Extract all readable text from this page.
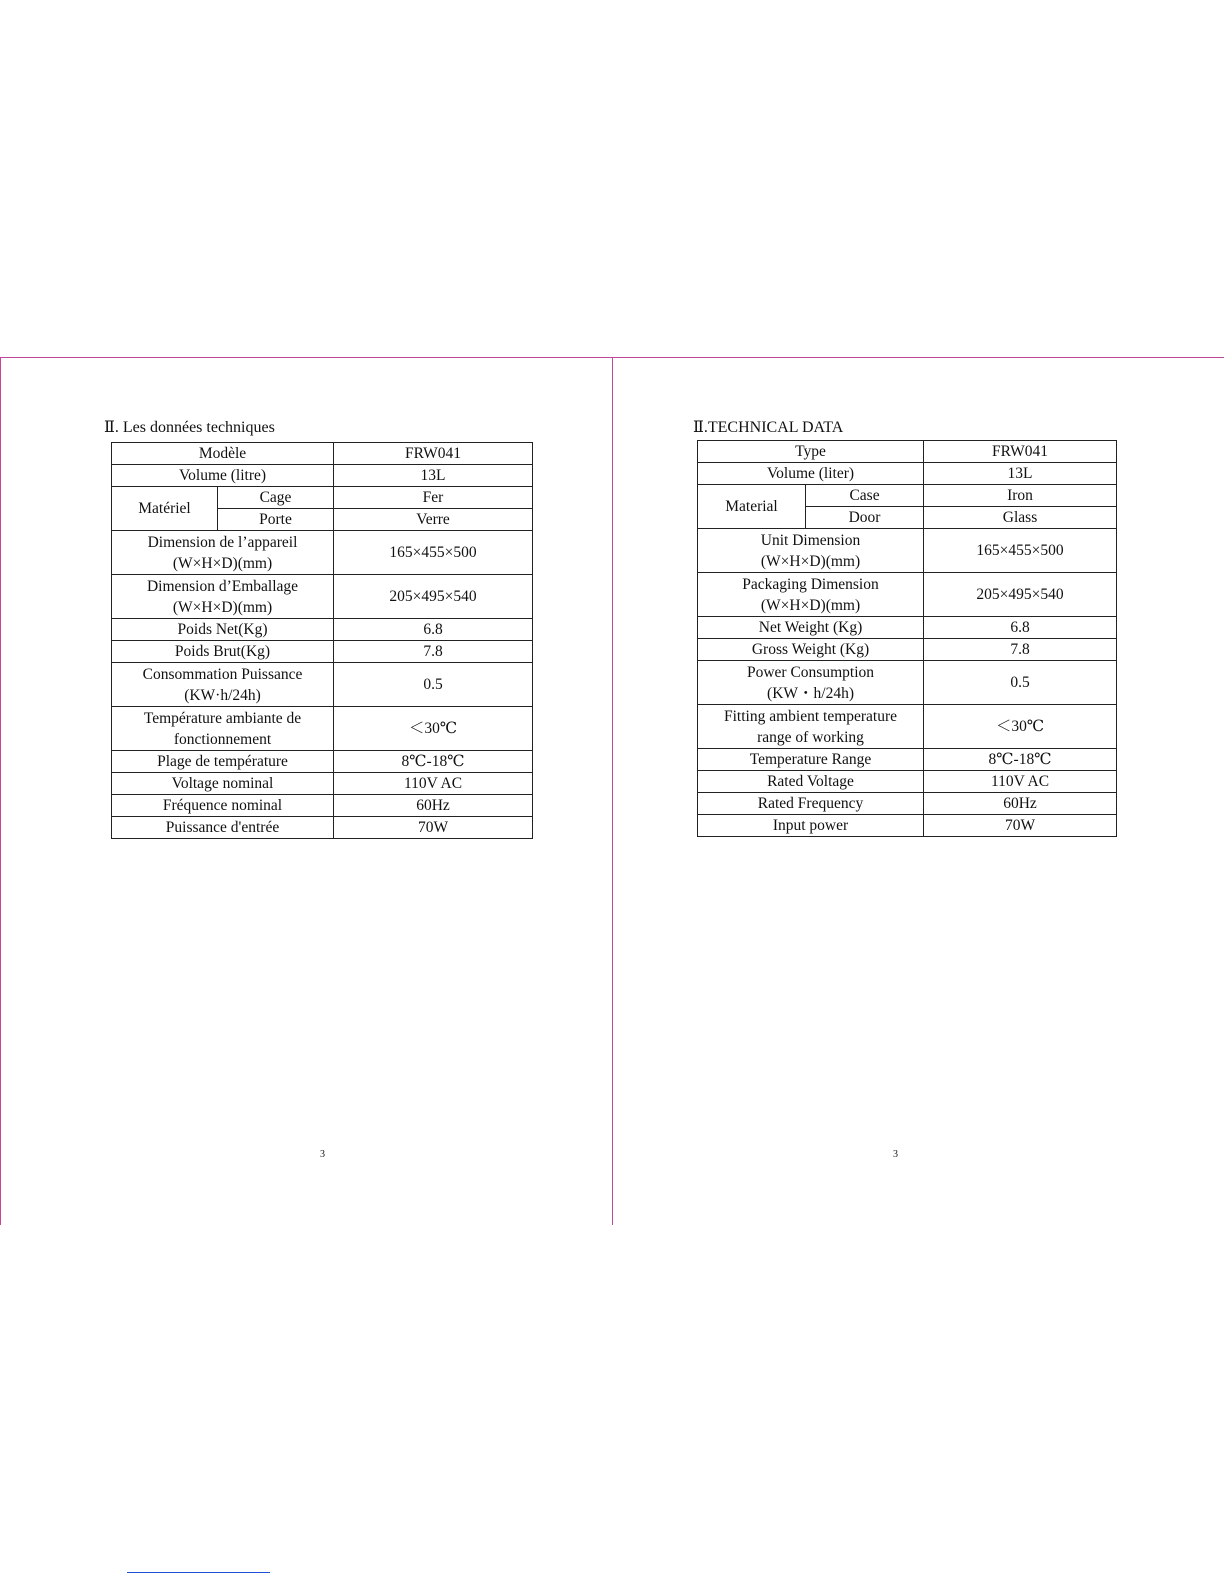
Ⅱ. Les données techniques
Modèle		FRW041
Volume (litre)		13L
Matériel	Cage	Fer
	Porte	Verre

Dimension de l’appareil
(W×H×D)(mm)		165×455×500

Dimension d’Emballage
(W×H×D)(mm)		205×495×540
Poids Net(Kg)		6.8
Poids Brut(Kg)		7.8

Consommation Puissance
(KW·h/24h)		0.5

Température ambiante de
fonctionnement		＜30℃
Plage de température		8℃-18℃
Voltage nominal		110V AC
Fréquence nominal		60Hz
Puissance d'entrée		70W
3
Ⅱ.TECHNICAL DATA
Type		FRW041
Volume (liter)		13L
Material	Case	Iron
	Door	Glass

Unit Dimension
(W×H×D)(mm)		165×455×500

Packaging Dimension
(W×H×D)(mm)		205×495×540
Net Weight (Kg)		6.8
Gross Weight (Kg)		7.8

Power Consumption
(KW・h/24h)		0.5

Fitting ambient temperature
range of working		＜30℃
Temperature Range		8℃-18℃
Rated Voltage		110V AC
Rated Frequency		60Hz
Input power		70W
3
